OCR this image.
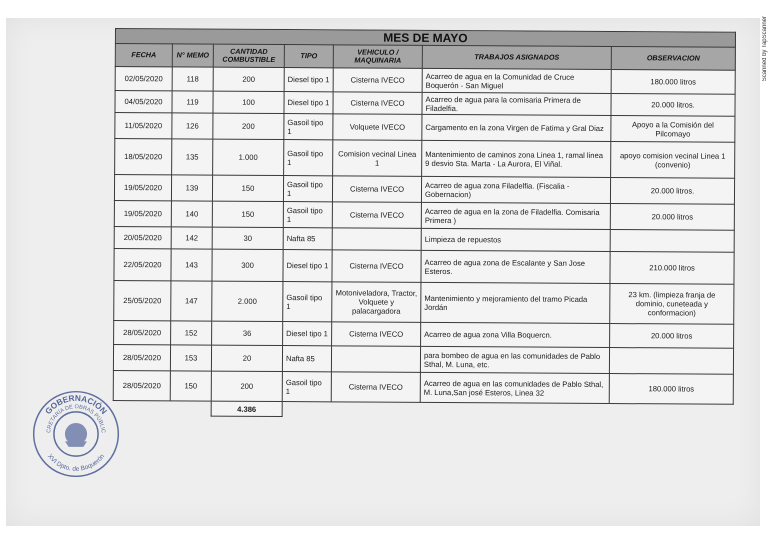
Scanned by TapScanner
MES DE MAYO						
FECHA	N° MEMO	CANTIDAD COMBUSTIBLE	TIPO	VEHICULO / MAQUINARIA	TRABAJOS ASIGNADOS	OBSERVACION
02/05/2020	118	200	Diesel tipo 1	Cisterna IVECO	Acarreo de agua en la Comunidad de Cruce Boquerón - San Miguel	180.000 litros
04/05/2020	119	100	Diesel tipo 1	Cisterna IVECO	Acarreo de agua para la comisaria Primera de Filadelfia.	20.000 litros.
11/05/2020	126	200	Gasoil tipo 1	Volquete IVECO	Cargamento en la zona Virgen de Fatima y Gral Diaz	Apoyo a la Comisión del Pilcomayo
18/05/2020	135	1.000	Gasoil tipo 1	Comision vecinal Linea 1	Mantenimiento de caminos zona Linea 1, ramal linea 9 desvio Sta. Marta - La Aurora, El Viñal.	apoyo comision vecinal Linea 1 (convenio)
19/05/2020	139	150	Gasoil tipo 1	Cisterna IVECO	Acarreo de agua zona Filadelfia. (Fiscalia - Gobernacion)	20.000 litros.
19/05/2020	140	150	Gasoil tipo 1	Cisterna IVECO	Acarreo de agua en la zona de Filadelfia. Comisaria Primera )	20.000 litros
20/05/2020	142	30	Nafta 85		Limpieza de repuestos	
22/05/2020	143	300	Diesel tipo 1	Cisterna IVECO	Acarreo de agua zona de Escalante y San Jose Esteros.	210.000 litros
25/05/2020	147	2.000	Gasoil tipo 1	Motoniveladora, Tractor, Volquete y palacargadora	Mantenimiento y mejoramiento del tramo Picada Jordán	23 km. (limpieza franja de dominio, cuneteada y conformacion)
28/05/2020	152	36	Diesel tipo 1	Cisterna IVECO	Acarreo de agua zona Villa Boquercn.	20.000 litros
28/05/2020	153	20	Nafta 85		para bombeo de agua en las comunidades de Pablo Sthal, M. Luna, etc.	
28/05/2020	150	200	Gasoil tipo 1	Cisterna IVECO	Acarreo de agua en las comunidades de Pablo Sthal, M. Luna,San josé Esteros, Linea 32	180.000 litros
		4.386				
GOBERNACIÓN
CRETARÍA DE OBRAS PÚBLIC
XVI Dpto. de Boquerón
